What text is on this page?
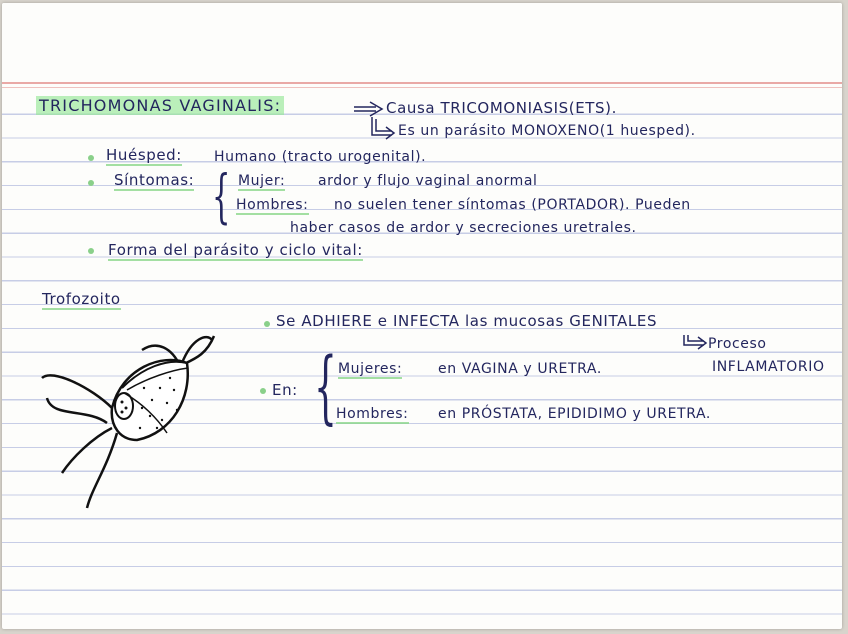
TRICHOMONAS VAGINALIS:	Causa TRICOMONIASIS(ETS).
Es un parásito MONOXENO(1 huesped).
Huésped: Humano (tracto urogenital).
Síntomas: { Mujer: ardor y flujo vaginal anormal
Hombres: no suelen tener síntomas (PORTADOR). Pueden
haber casos de ardor y secreciones uretrales.
Forma del parásito y ciclo vital:
Trofozoito
Se ADHIERE e INFECTA las mucosas GENITALES
Proceso
INFLAMATORIO
En: { Mujeres:	en VAGINA y URETRA.
Hombres: en PRÓSTATA, EPIDIDIMO y URETRA.
